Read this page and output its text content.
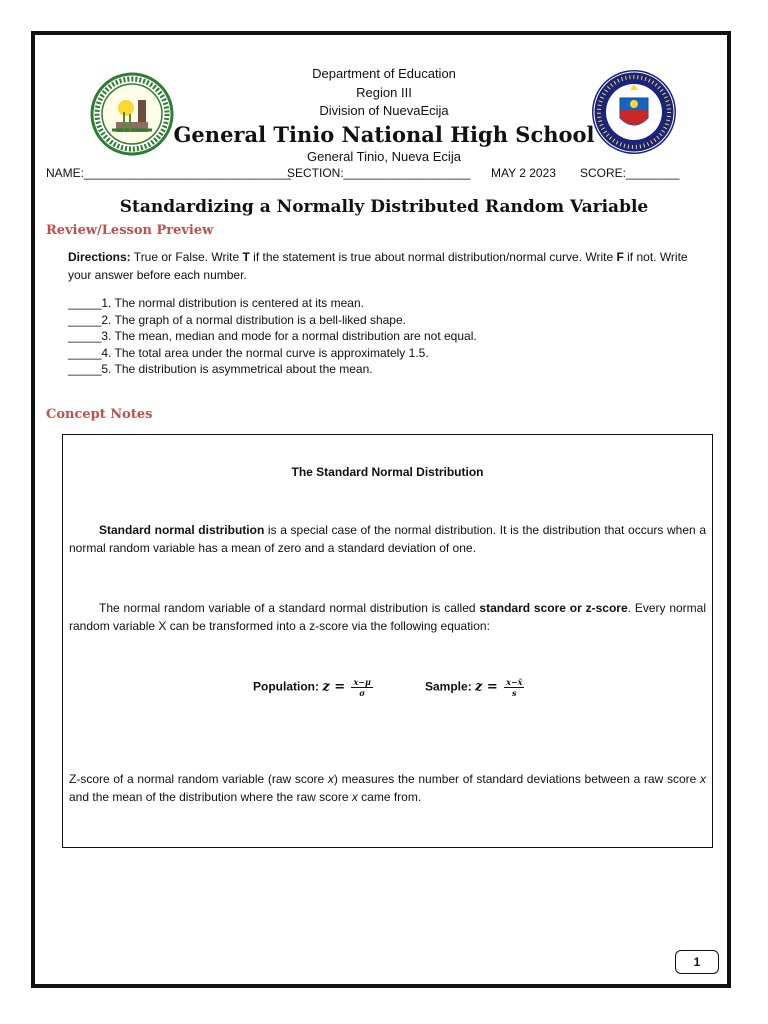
Department of Education
Region III
Division of NuevaEcija
General Tinio National High School
General Tinio, Nueva Ecija
NAME:_______________________________
SECTION:___________________ MAY 2 2023 SCORE:________
Standardizing a Normally Distributed Random Variable
Review/Lesson Preview
Directions: True or False. Write T if the statement is true about normal distribution/normal curve. Write F if not. Write your answer before each number.
_____1. The normal distribution is centered at its mean.
_____2. The graph of a normal distribution is a bell-liked shape.
_____3. The mean, median and mode for a normal distribution are not equal.
_____4. The total area under the normal curve is approximately 1.5.
_____5. The distribution is asymmetrical about the mean.
Concept Notes
The Standard Normal Distribution
Standard normal distribution is a special case of the normal distribution. It is the distribution that occurs when a normal random variable has a mean of zero and a standard deviation of one.
The normal random variable of a standard normal distribution is called standard score or z-score. Every normal random variable X can be transformed into a z-score via the following equation:
Population: $z = \frac{x-\mu}{\sigma}$	Sample: $z = \frac{x-x̄}{s}$
Z-score of a normal random variable (raw score x) measures the number of standard deviations between a raw score x and the mean of the distribution where the raw score x came from.
1
